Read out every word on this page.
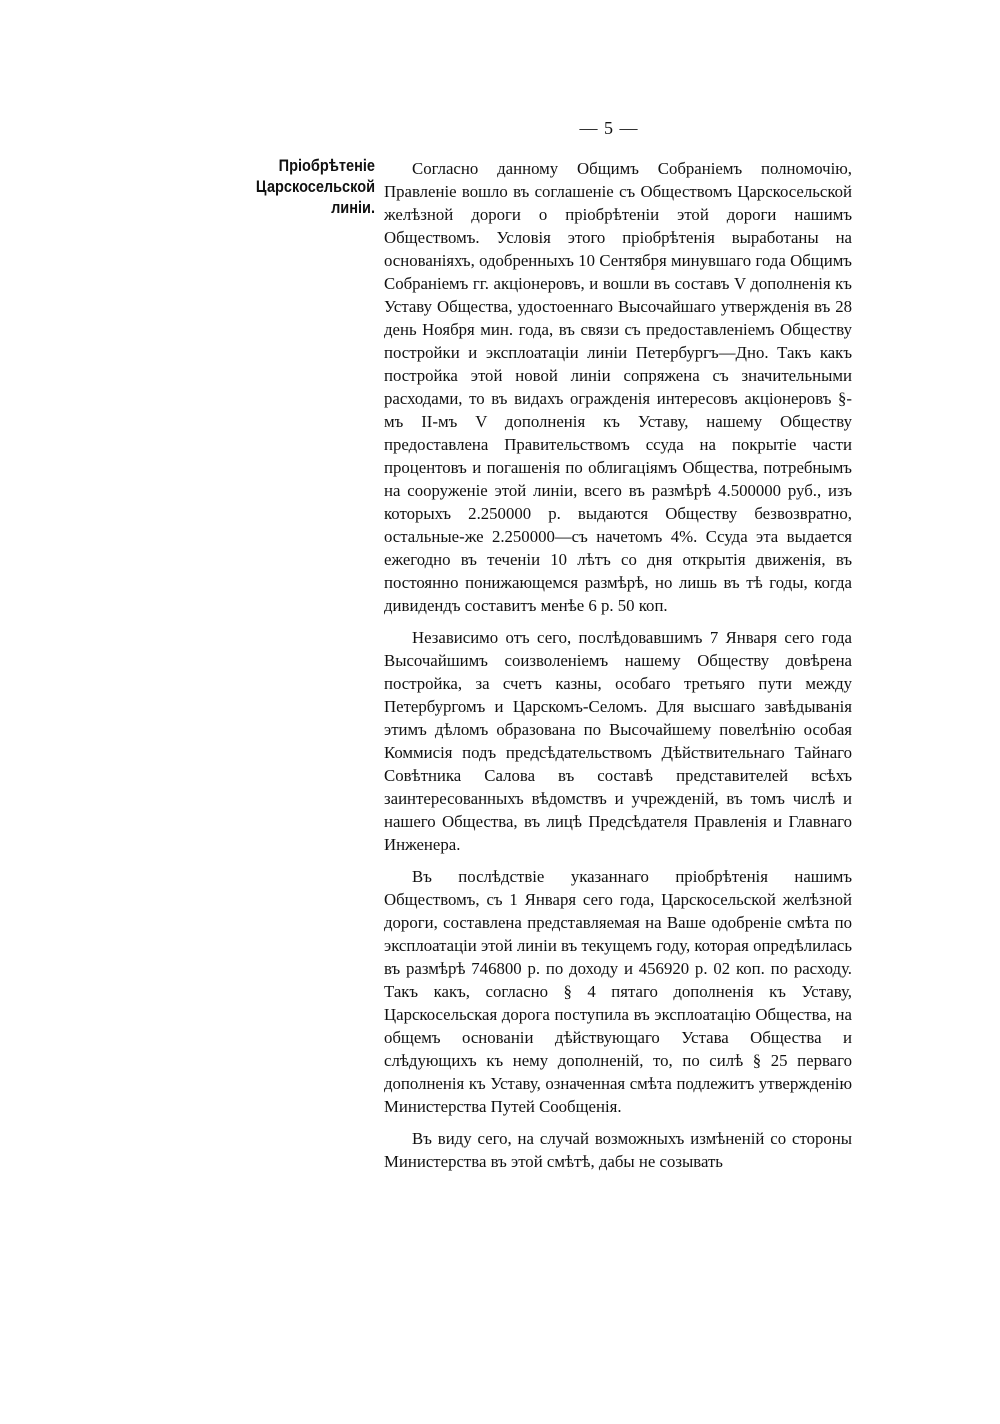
— 5 —
Пріобрѣтеніе Царскосельской
линіи.

Согласно данному Общимъ Собраніемъ полномочію, Правленіе вошло въ соглашеніе съ Обществомъ Царскосельской желѣзной дороги о пріобрѣтеніи этой дороги нашимъ Обществомъ. Условія этого пріобрѣтенія выработаны на основаніяхъ, одобренныхъ 10 Сентября минувшаго года Общимъ Собраніемъ гг. акціонеровъ, и вошли въ составъ V дополненія къ Уставу Общества, удостоеннаго Высочайшаго утвержденія въ 28 день Ноября мин. года, въ связи съ предоставленіемъ Обществу постройки и эксплоатаціи линіи Петербургъ—Дно. Такъ какъ постройка этой новой линіи сопряжена съ значительными расходами, то въ видахъ огражденія интересовъ акціонеровъ §-мъ II-мъ V дополненія къ Уставу, нашему Обществу предоставлена Правительствомъ ссуда на покрытіе части процентовъ и погашенія по облигаціямъ Общества, потребнымъ на сооруженіе этой линіи, всего въ размѣрѣ 4.500000 руб., изъ которыхъ 2.250000 р. выдаются Обществу безвозвратно, остальные-же 2.250000—съ начетомъ 4%. Ссуда эта выдается ежегодно въ теченіи 10 лѣтъ со дня открытія движенія, въ постоянно понижающемся размѣрѣ, но лишь въ тѣ годы, когда дивидендъ составитъ менѣе 6 р. 50 коп.

Независимо отъ сего, послѣдовавшимъ 7 Января сего года Высочайшимъ соизволеніемъ нашему Обществу довѣрена постройка, за счетъ казны, особаго третьяго пути между Петербургомъ и Царскомъ-Селомъ. Для высшаго завѣдыванія этимъ дѣломъ образована по Высочайшему повелѣнію особая Коммисія подъ предсѣдательствомъ Дѣйствительнаго Тайнаго Совѣтника Салова въ составѣ представителей всѣхъ заинтересованныхъ вѣдомствъ и учрежденій, въ томъ числѣ и нашего Общества, въ лицѣ Предсѣдателя Правленія и Главнаго Инженера.

Въ послѣдствіе указаннаго пріобрѣтенія нашимъ Обществомъ, съ 1 Января сего года, Царскосельской желѣзной дороги, составлена представляемая на Ваше одобреніе смѣта по эксплоатаціи этой линіи въ текущемъ году, которая опредѣлилась въ размѣрѣ 746800 р. по доходу и 456920 р. 02 коп. по расходу. Такъ какъ, согласно § 4 пятаго дополненія къ Уставу, Царскосельская дорога поступила въ эксплоатацію Общества, на общемъ основаніи дѣйствующаго Устава Общества и слѣдующихъ къ нему дополненій, то, по силѣ § 25 перваго дополненія къ Уставу, означенная смѣта подлежитъ утвержденію Министерства Путей Сообщенія.

Въ виду сего, на случай возможныхъ измѣненій со стороны Министерства въ этой смѣтѣ, дабы не созывать
